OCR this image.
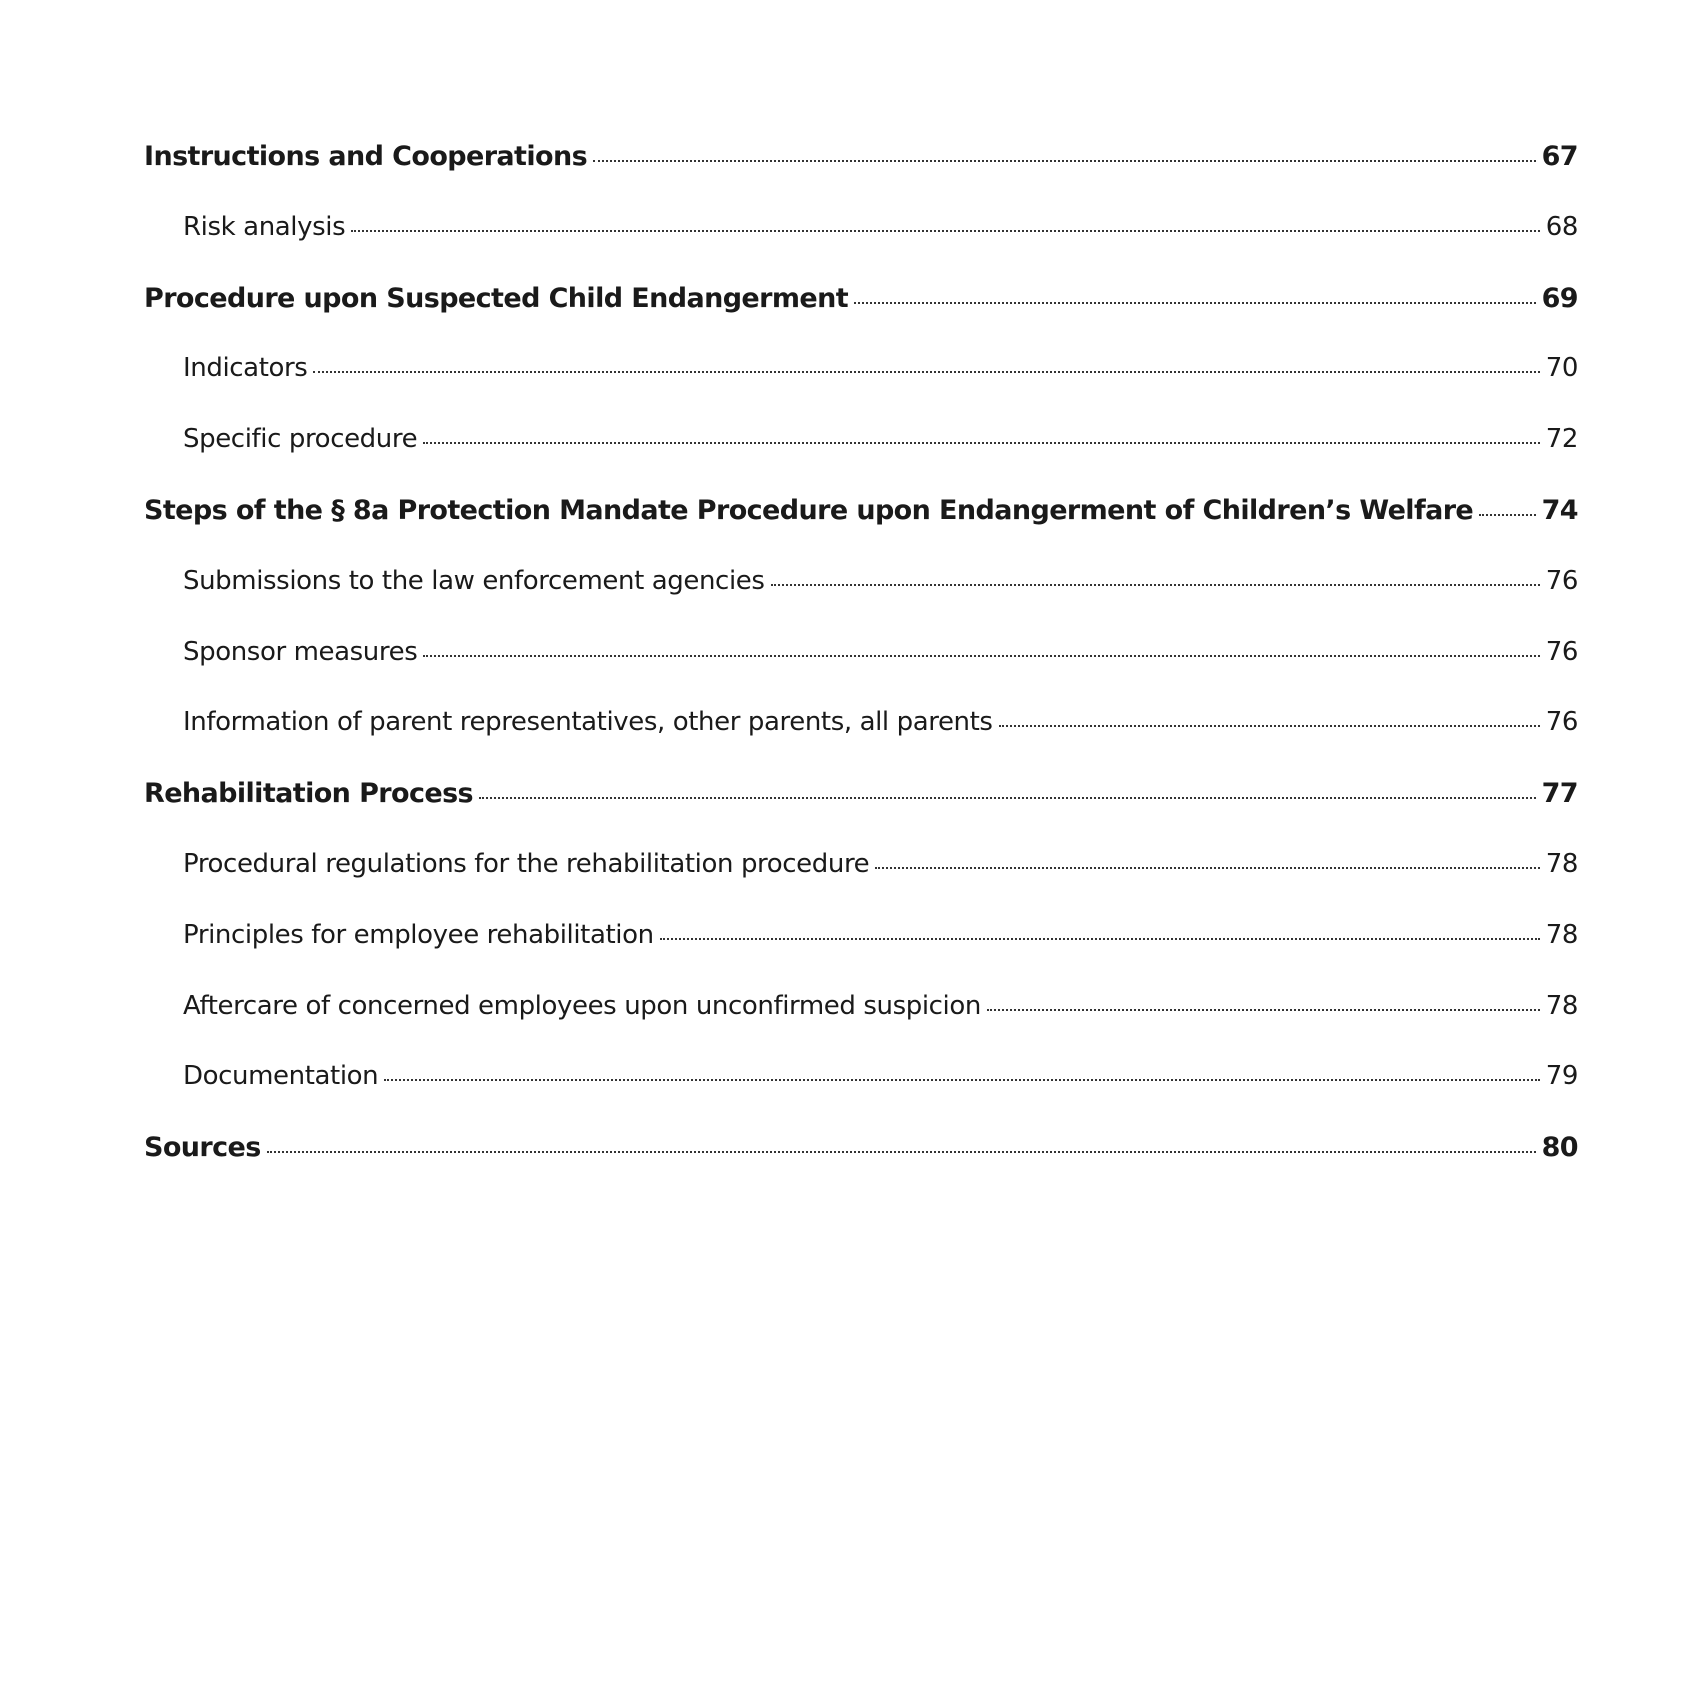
Instructions and Cooperations	67
Risk analysis	68
Procedure upon Suspected Child Endangerment	69
Indicators	70
Specific procedure	72
Steps of the § 8a Protection Mandate Procedure upon Endangerment of Children’s Welfare	74
Submissions to the law enforcement agencies	76
Sponsor measures	76
Information of parent representatives, other parents, all parents	76
Rehabilitation Process	77
Procedural regulations for the rehabilitation procedure	78
Principles for employee rehabilitation	78
Aftercare of concerned employees upon unconfirmed suspicion	78
Documentation	79
Sources	80
